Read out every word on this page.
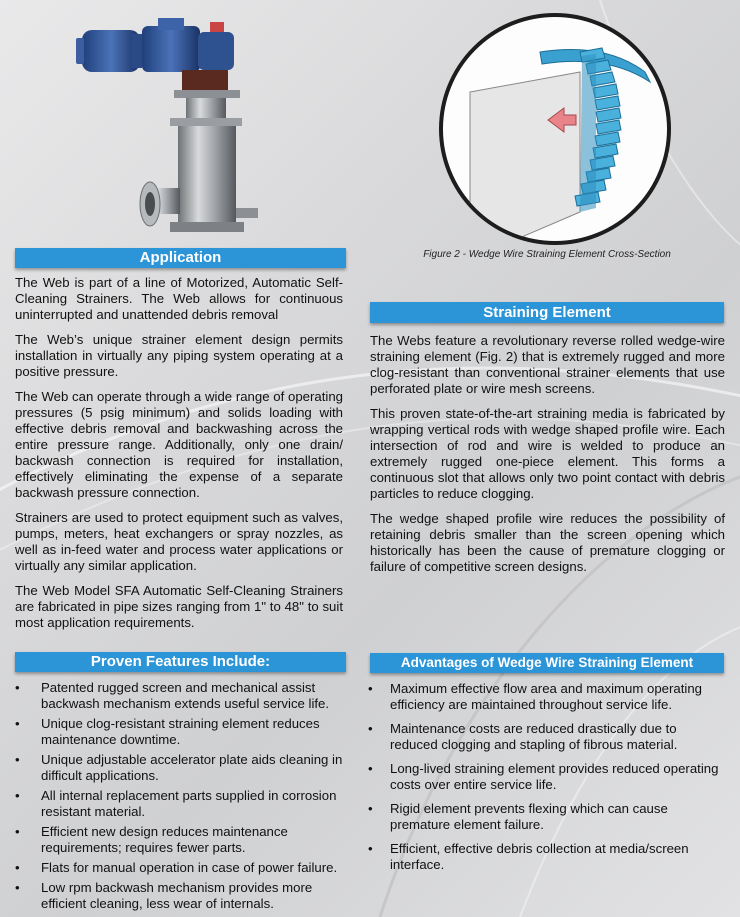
Figure 2 - Wedge Wire Straining Element Cross-Section
Application

The Web is part of a line of Motorized, Automatic Self-Cleaning Strainers. The Web allows for continuous uninterrupted and unattended debris removal

The Web’s unique strainer element design permits installation in virtually any piping system operating at a positive pressure.

The Web can operate through a wide range of operating pressures (5 psig minimum) and solids loading with effective debris removal and backwashing across the entire pressure range. Additionally, only one drain/ backwash connection is required for installation, effectively eliminating the expense of a separate backwash pressure connection.

Strainers are used to protect equipment such as valves, pumps, meters, heat exchangers or spray nozzles, as well as in-feed water and process water applications or virtually any similar application.

The Web Model SFA Automatic Self-Cleaning Strainers are fabricated in pipe sizes ranging from 1" to 48" to suit most application requirements.

Straining Element

The Webs feature a revolutionary reverse rolled wedge-wire straining element (Fig. 2) that is extremely rugged and more clog-resistant than conventional strainer elements that use perforated plate or wire mesh screens.

This proven state-of-the-art straining media is fabricated by wrapping vertical rods with wedge shaped profile wire. Each intersection of rod and wire is welded to produce an extremely rugged one-piece element. This forms a continuous slot that allows only two point contact with debris particles to reduce clogging.

The wedge shaped profile wire reduces the possibility of retaining debris smaller than the screen opening which historically has been the cause of premature clogging or failure of competitive screen designs.

Proven Features Include:
• Patented rugged screen and mechanical assist backwash mechanism extends useful service life.
• Unique clog-resistant straining element reduces maintenance downtime.
• Unique adjustable accelerator plate aids cleaning in difficult applications.
• All internal replacement parts supplied in corrosion resistant material.
• Efficient new design reduces maintenance requirements; requires fewer parts.
• Flats for manual operation in case of power failure.
• Low rpm backwash mechanism provides more efficient cleaning, less wear of internals.
Advantages of Wedge Wire Straining Element
• Maximum effective flow area and maximum operating efficiency are maintained throughout service life.
• Maintenance costs are reduced drastically due to reduced clogging and stapling of fibrous material.
• Long-lived straining element provides reduced operating costs over entire service life.
• Rigid element prevents flexing which can cause premature element failure.
• Efficient, effective debris collection at media/screen interface.
